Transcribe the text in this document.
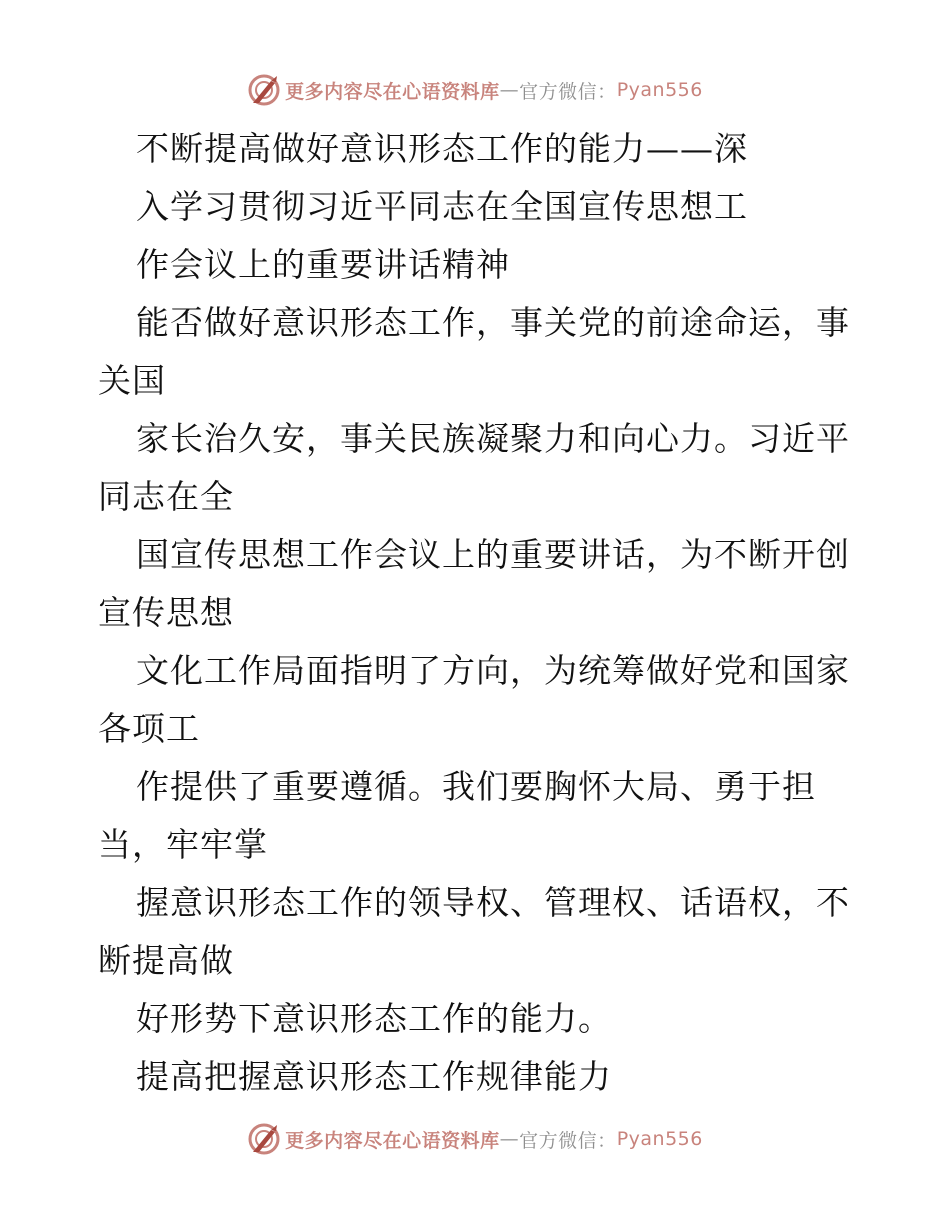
更多内容尽在心语资料库 — 官方微信： Pyan556
不断提高做好意识形态工作的能力——深
入学习贯彻习近平同志在全国宣传思想工
作会议上的重要讲话精神
能否做好意识形态工作，事关党的前途命运，事
关国
家长治久安，事关民族凝聚力和向心力。习近平
同志在全
国宣传思想工作会议上的重要讲话，为不断开创
宣传思想
文化工作局面指明了方向，为统筹做好党和国家
各项工
作提供了重要遵循。我们要胸怀大局、勇于担
当，牢牢掌
握意识形态工作的领导权、管理权、话语权，不
断提高做
好形势下意识形态工作的能力。
提高把握意识形态工作规律能力
更多内容尽在心语资料库 — 官方微信： Pyan556
